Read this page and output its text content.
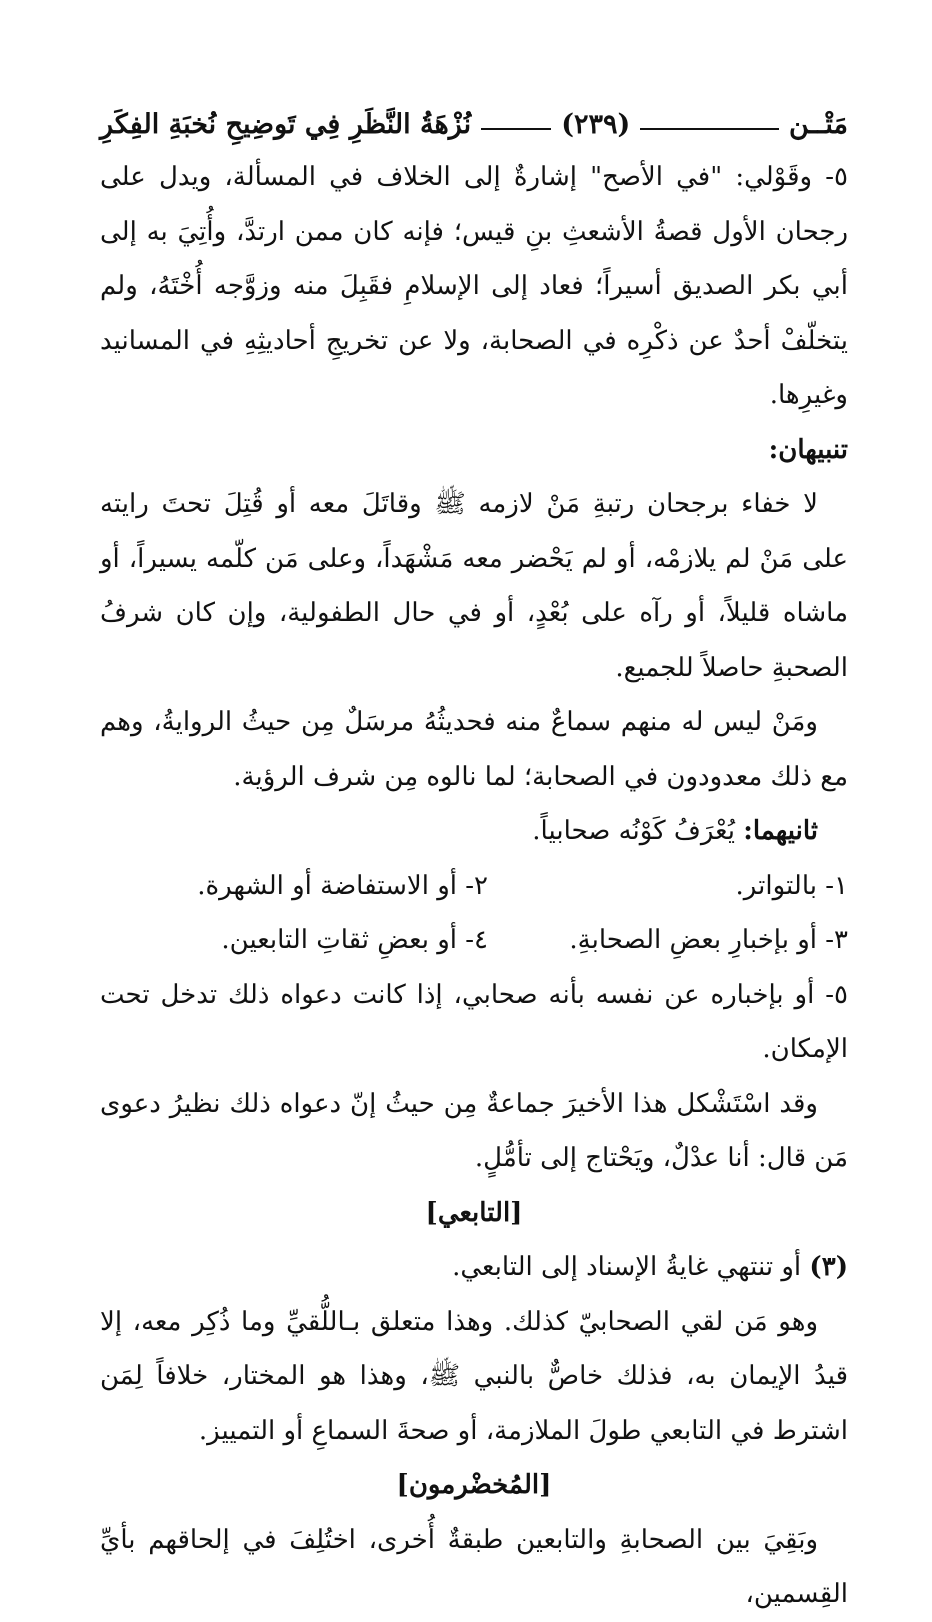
مَتْــن
(٢٣٩)
نُزْهَةُ النَّظَرِ فِي تَوضِيحِ نُخبَةِ الفِكَرِ

٥- وقَوْلي: "في الأصح" إشارةٌ إلى الخلاف في المسألة، ويدل على رجحان الأول قصةُ الأشعثِ بنِ قيس؛ فإنه كان ممن ارتدَّ، وأُتِيَ به إلى أبي بكر الصديق أسيراً؛ فعاد إلى الإسلامِ فقَبِلَ منه وزوَّجه أُخْتَهُ، ولم يتخلّفْ أحدٌ عن ذكْرِه في الصحابة، ولا عن تخريجِ أحاديثِهِ في المسانيد وغيرِها.

تنبيهان:

لا خفاء برجحان رتبةِ مَنْ لازمه ﷺ وقاتَلَ معه أو قُتِلَ تحتَ رايته على مَنْ لم يلازمْه، أو لم يَحْضر معه مَشْهَداً، وعلى مَن كلّمه يسيراً، أو ماشاه قليلاً، أو رآه على بُعْدٍ، أو في حال الطفولية، وإن كان شرفُ الصحبةِ حاصلاً للجميع.

ومَنْ ليس له منهم سماعٌ منه فحديثُهُ مرسَلٌ مِن حيثُ الروايةُ، وهم مع ذلك معدودون في الصحابة؛ لما نالوه مِن شرف الرؤية.

ثانيهما: يُعْرَفُ كَوْنُه صحابياً.

١- بالتواتر.
٢- أو الاستفاضة أو الشهرة.
٣- أو بإخبارِ بعضِ الصحابةِ.
٤- أو بعضِ ثقاتِ التابعين.

٥- أو بإخباره عن نفسه بأنه صحابي، إذا كانت دعواه ذلك تدخل تحت الإمكان.

وقد اسْتَشْكل هذا الأخيرَ جماعةٌ مِن حيثُ إنّ دعواه ذلك نظيرُ دعوى مَن قال: أنا عدْلٌ، ويَحْتاج إلى تأمُّلٍ.

[التابعي]

(٣) أو تنتهي غايةُ الإسناد إلى التابعي.

وهو مَن لقي الصحابيّ كذلك. وهذا متعلق بـاللُّقيِّ وما ذُكِر معه، إلا قيدُ الإيمان به، فذلك خاصٌّ بالنبي ﷺ، وهذا هو المختار، خلافاً لِمَن اشترط في التابعي طولَ الملازمة، أو صحةَ السماعِ أو التمييز.

[المُخضْرمون]

وبَقِيَ بين الصحابةِ والتابعين طبقةٌ أُخرى، اختُلِفَ في إلحاقهم بأيِّ القِسمين،
